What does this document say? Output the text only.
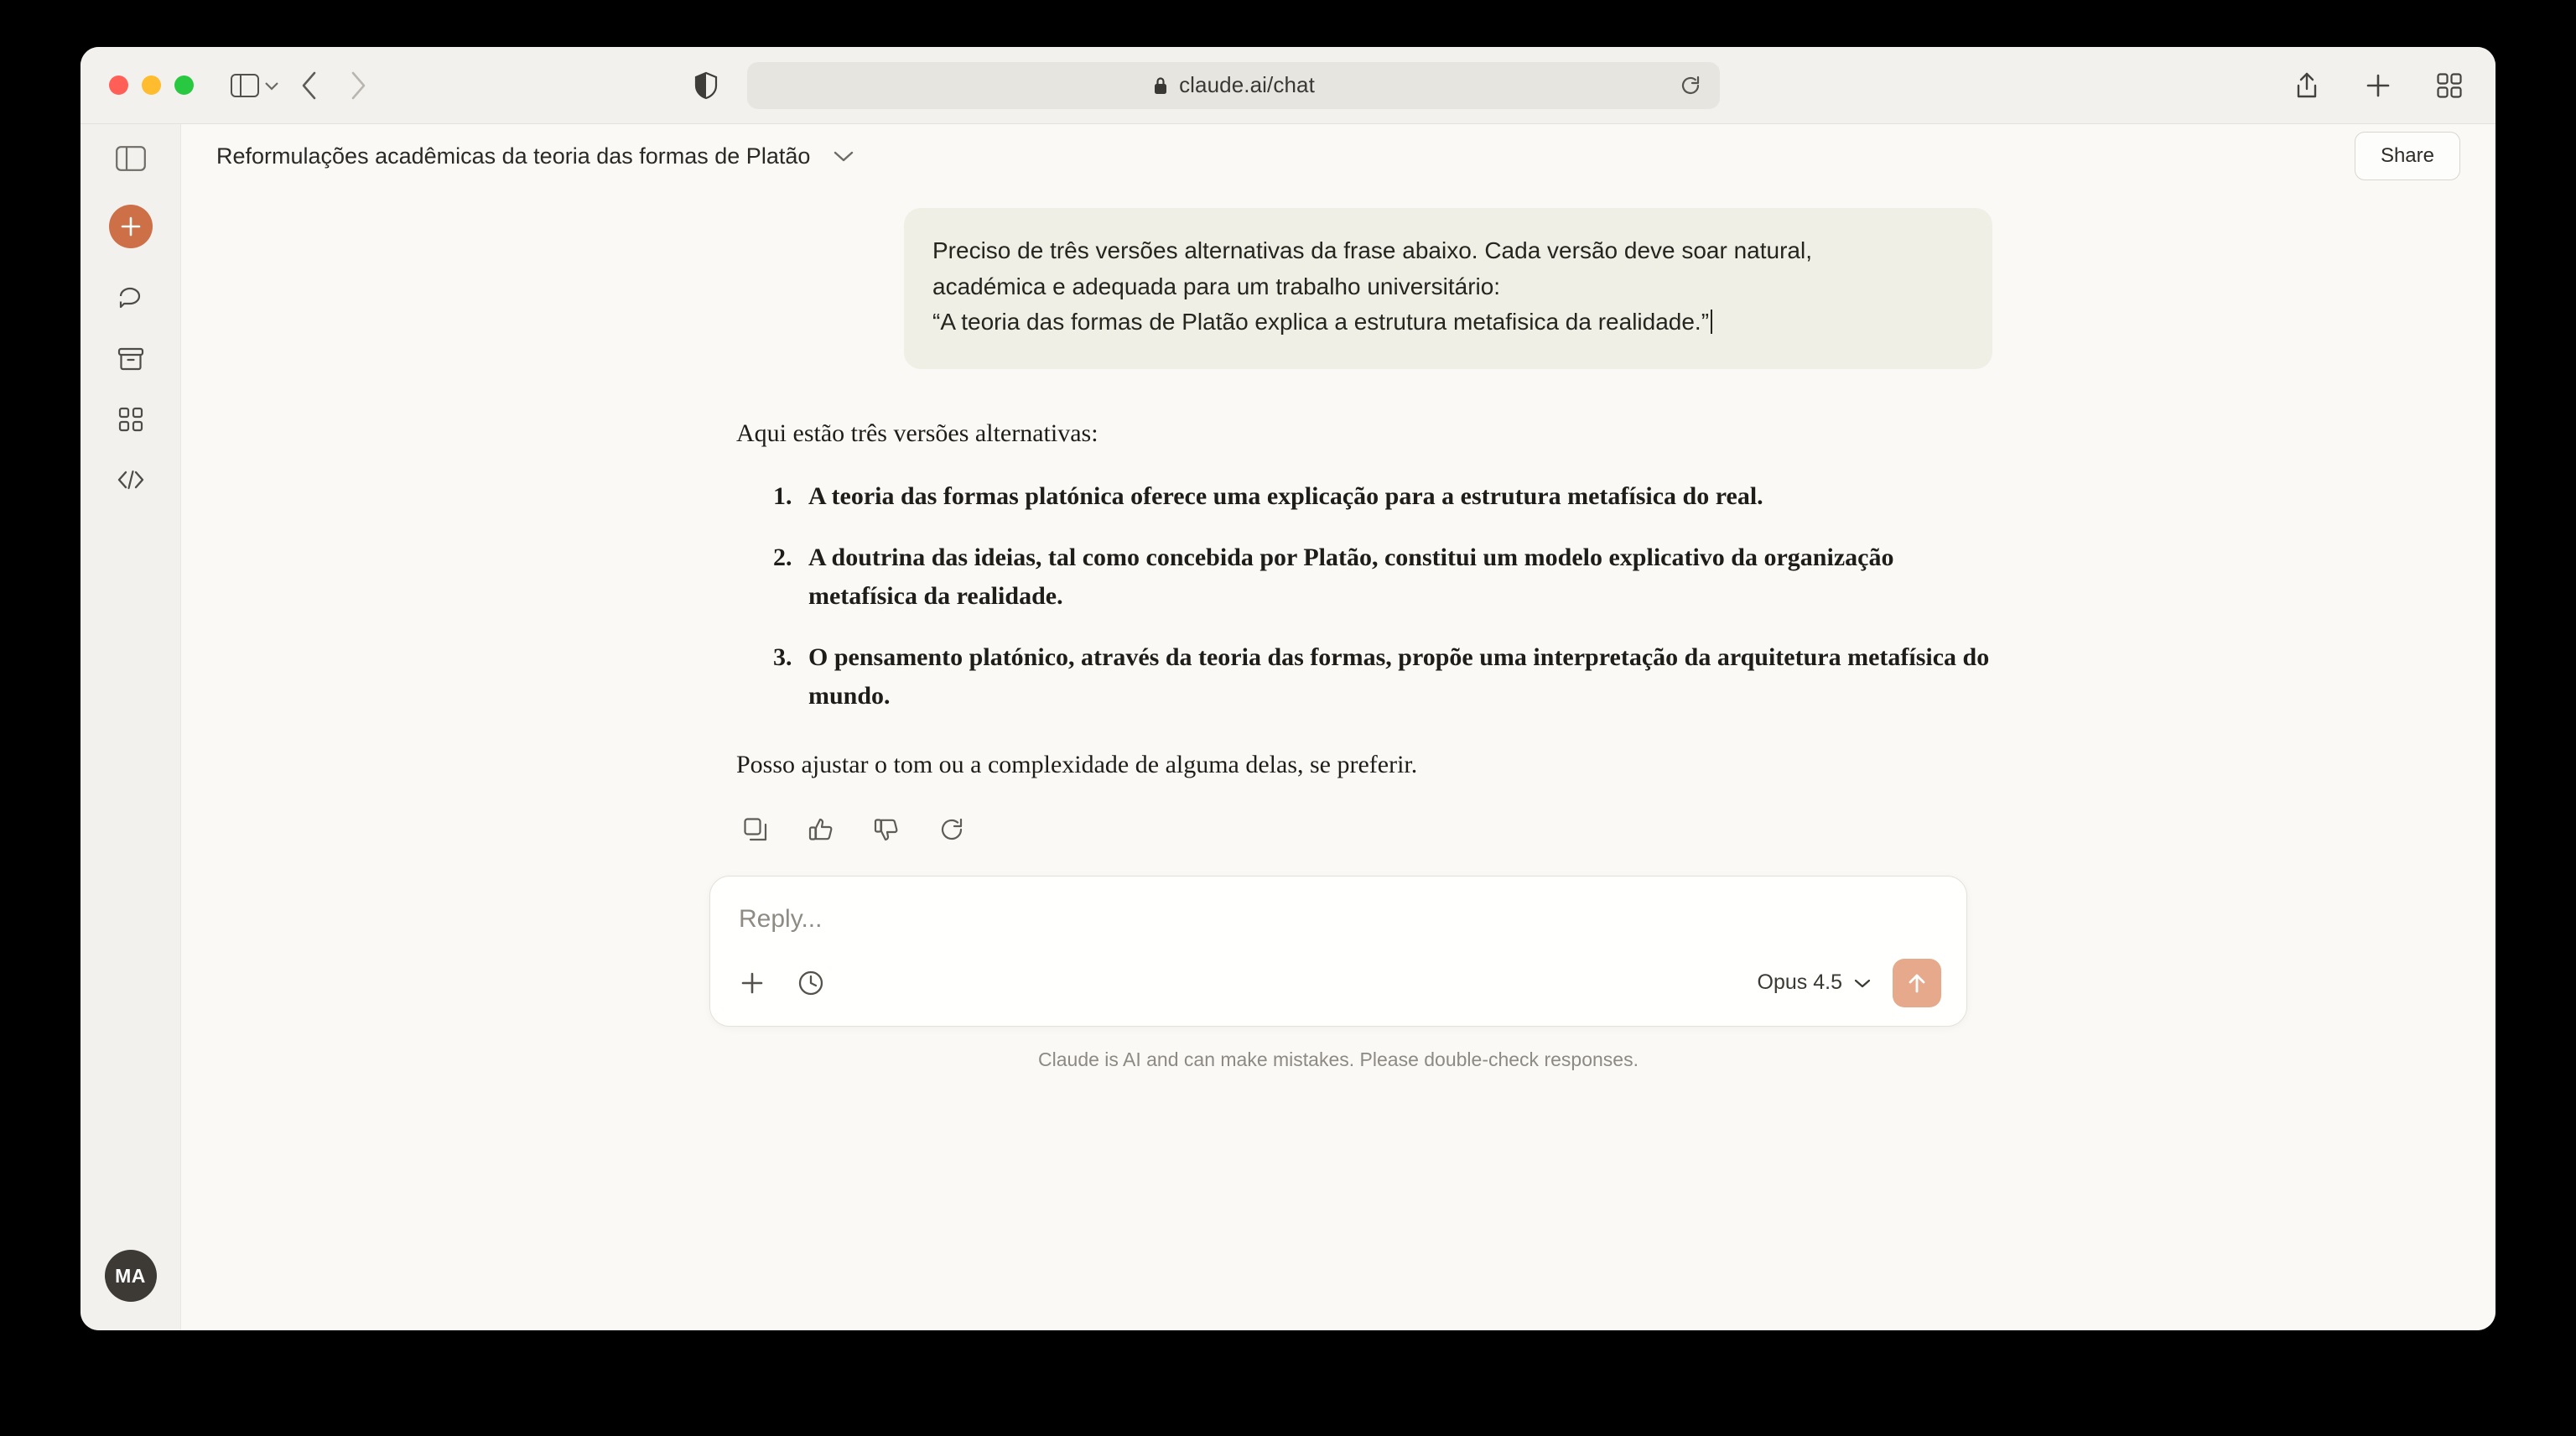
claude.ai/chat
MA
Reformulações acadêmicas da teoria das formas de Platão	Share

Preciso de três versões alternativas da frase abaixo. Cada versão deve soar natural,

académica e adequada para um trabalho universitário:

“A teoria das formas de Platão explica a estrutura metafisica da realidade.”

Aqui estão três versões alternativas:

1. A teoria das formas platónica oferece uma explicação para a estrutura metafísica do real.
2. A doutrina das ideias, tal como concebida por Platão, constitui um modelo explicativo da organização metafísica da realidade.
3. O pensamento platónico, através da teoria das formas, propõe uma interpretação da arquitetura metafísica do mundo.

Posso ajustar o tom ou a complexidade de alguma delas, se preferir.

Reply...
Opus 4.5
Claude is AI and can make mistakes. Please double-check responses.
